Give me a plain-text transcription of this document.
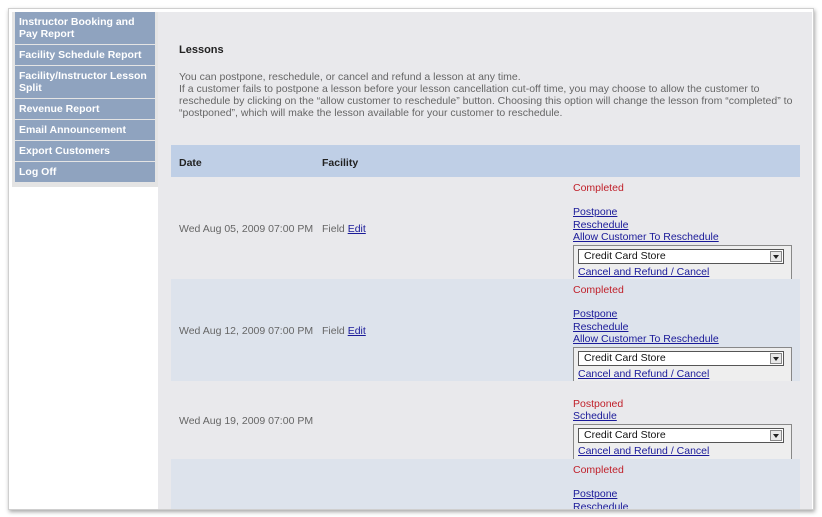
Instructor Booking and Pay Report
Facility Schedule Report
Facility/Instructor Lesson Split
Revenue Report
Email Announcement
Export Customers
Log Off
Lessons

You can postpone, reschedule, or cancel and refund a lesson at any time.

If a customer fails to postpone a lesson before your lesson cancellation cut-off time, you may choose to allow the customer to reschedule by clicking on the “allow customer to reschedule” button. Choosing this option will change the lesson from “completed” to “postponed”, which will make the lesson available for your customer to reschedule.

Date	Facility
Wed Aug 05, 2009 07:00 PM Field Edit
Completed
Postpone
Reschedule
Allow Customer To Reschedule
Credit Card Store
Cancel and Refund / Cancel
Wed Aug 12, 2009 07:00 PM Field Edit
Completed
Postpone
Reschedule
Allow Customer To Reschedule
Credit Card Store
Cancel and Refund / Cancel
Wed Aug 19, 2009 07:00 PM
Postponed
Schedule
Credit Card Store
Cancel and Refund / Cancel
Completed
Postpone
Reschedule
